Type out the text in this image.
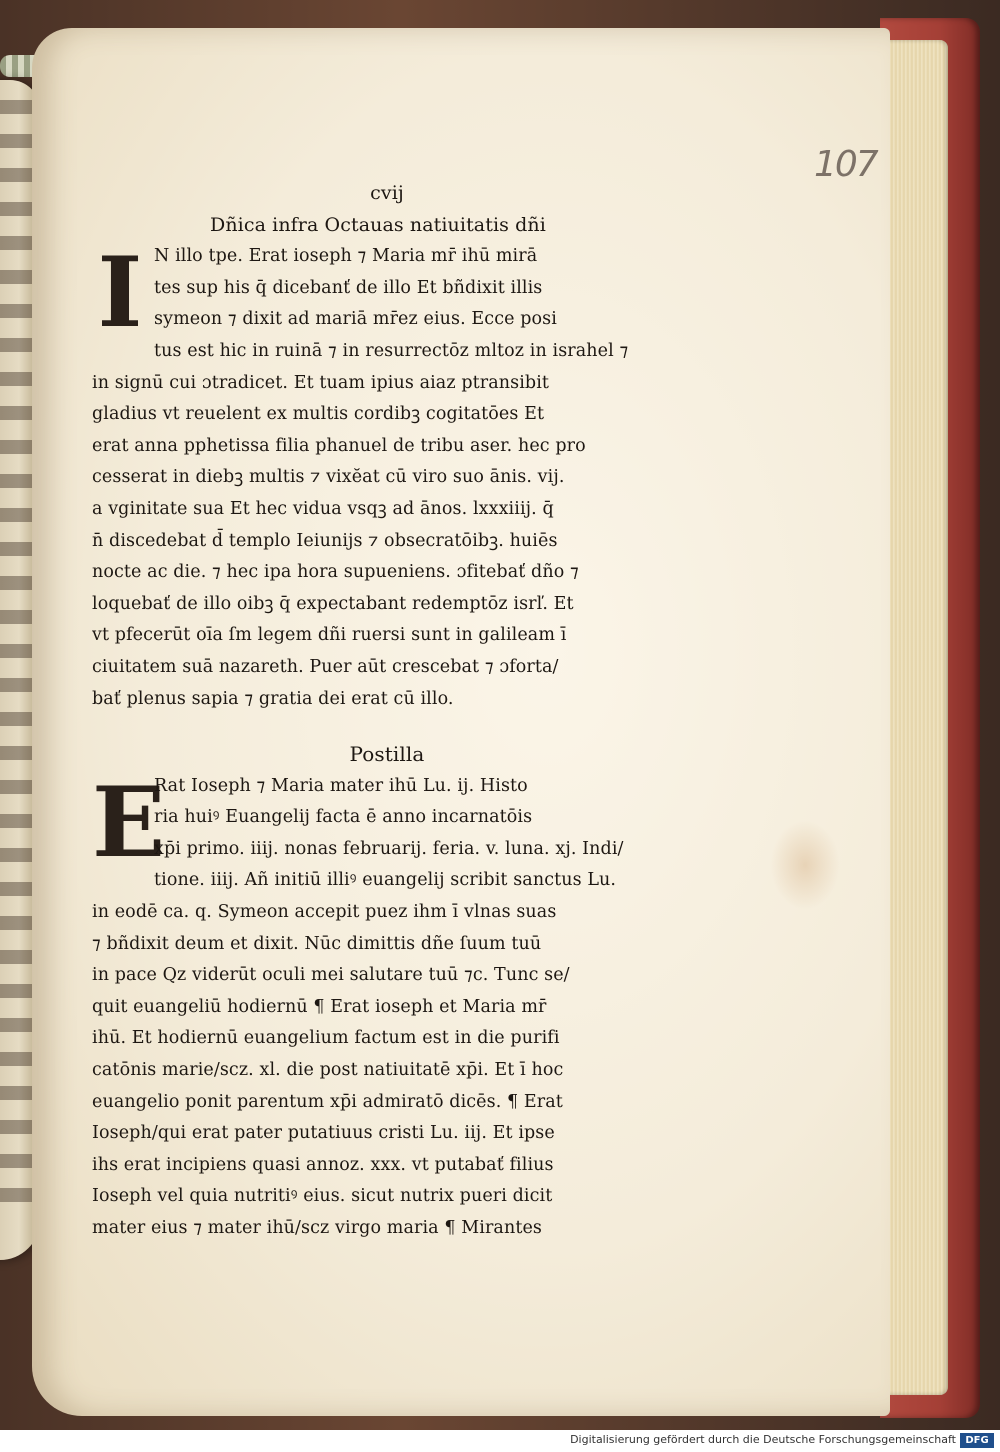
107
cvij
Dñica infra Octauas natiuitatis dñi
I N illo tpe. Erat ioseph ⁊ Maria mr̄ ihū mirā
tes sup his q̄ dicebanť de illo Et bñdixit illis
symeon ⁊ dixit ad mariā mr̄ez eius. Ecce posi
tus est hic in ruinā ⁊ in resurrectōz mltoz in israhel ⁊
in signū cui ɔtradicet. Et tuam ipius aiaz ptransibit
gladius vt reuelent ex multis cordibꝫ cogitatōes Et
erat anna pphetissa filia phanuel de tribu aser. hec pro
cesserat in diebꝫ multis ⁊ vixĕat cū viro suo ānis. vij.
a vginitate sua Et hec vidua vsqꝫ ad ānos. lxxxiiij. q̄
n̄ discedebat d̄ templo Ieiunijs ⁊ obsecratōibꝫ. huiēs
nocte ac die. ⁊ hec ipa hora supueniens. ɔfitebať dño ⁊
loquebať de illo oibꝫ q̄ expectabant redemptōz isrľ. Et
vt pfecerūt oīa ſm legem dñi ruersi sunt in galileam ī
ciuitatem suā nazareth. Puer aūt crescebat ⁊ ɔforta/
bať plenus sapia ⁊ gratia dei erat cū illo.
Postilla
E
Rat Ioseph ⁊ Maria mater ihū Lu. ij. Histo
ria huiꝰ Euangelij facta ē anno incarnatōis
xp̄i primo. iiij. nonas februarij. feria. v. luna. xj. Indi/
tione. iiij. Añ initiū illiꝰ euangelij scribit sanctus Lu.
in eodē ca. q. Symeon accepit puez ihm ī vlnas suas
⁊ bñdixit deum et dixit. Nūc dimittis dñe ſuum tuū
in pace Qz viderūt oculi mei salutare tuū ⁊c. Tunc se/
quit euangeliū hodiernū ¶ Erat ioseph et Maria mr̄
ihū. Et hodiernū euangelium factum est in die purifi
catōnis marie/scz. xl. die post natiuitatē xp̄i. Et ī hoc
euangelio ponit parentum xp̄i admiratō dicēs. ¶ Erat
Ioseph/qui erat pater putatiuus cristi Lu. iij. Et ipse
ihs erat incipiens quasi annoz. xxx. vt putabať filius
Ioseph vel quia nutritiꝰ eius. sicut nutrix pueri dicit
mater eius ⁊ mater ihū/scz virgo maria ¶ Mirantes
Digitalisierung gefördert durch die Deutsche Forschungsgemeinschaft DFG
